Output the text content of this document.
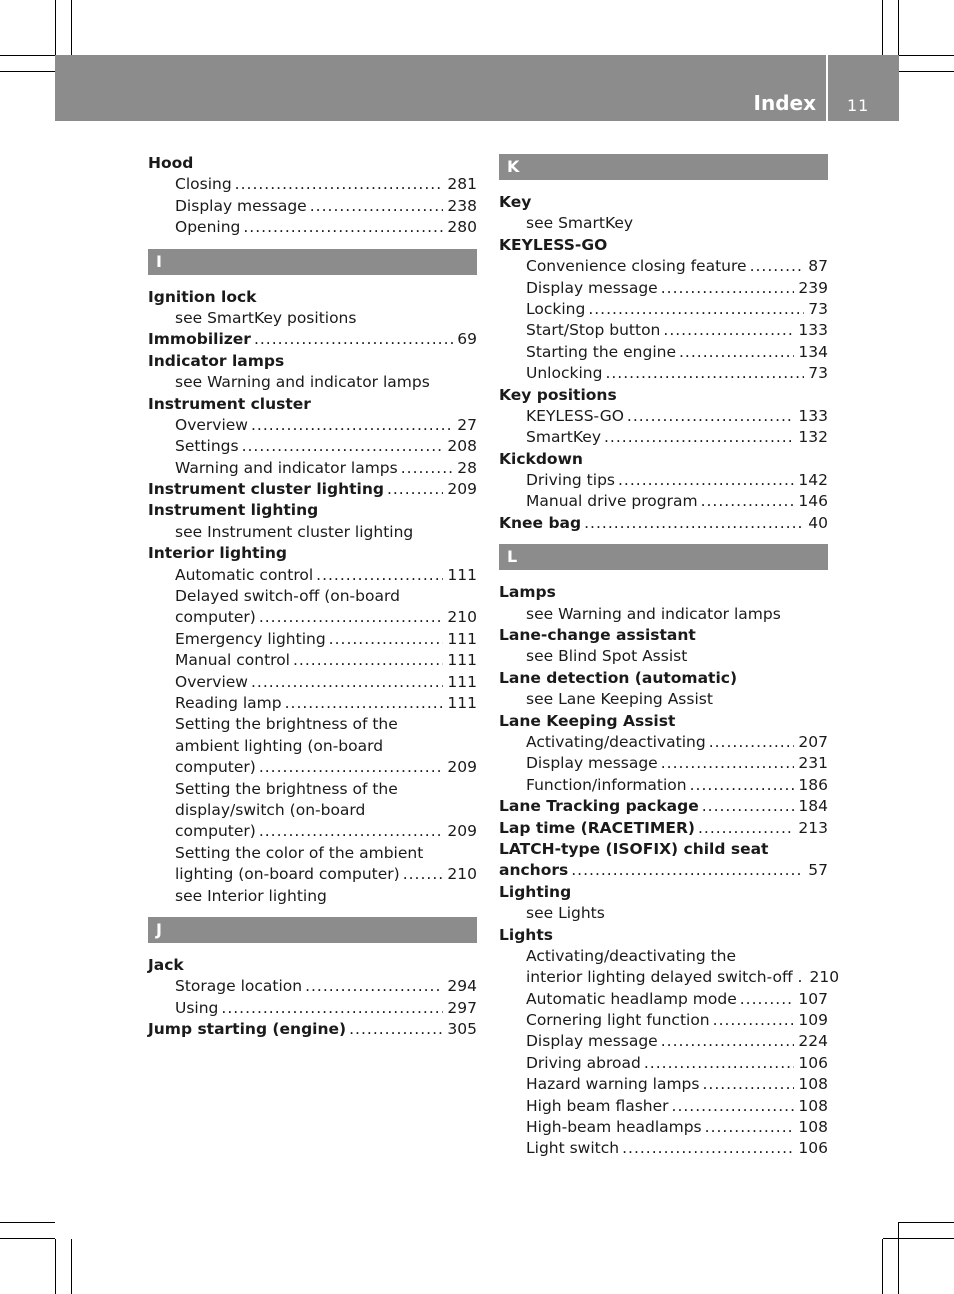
Index 11
Hood
Closing .....	281
Display message .....	238
Opening .....	280
I
Ignition lock
see SmartKey positions
Immobilizer .....	69
Indicator lamps
see Warning and indicator lamps
Instrument cluster
Overview .....	27
Settings .....	208
Warning and indicator lamps .....	28
Instrument cluster lighting .....	209
Instrument lighting
see Instrument cluster lighting
Interior lighting
Automatic control .....	111
Delayed switch-off (on-board
computer) .....	210
Emergency lighting .....	111
Manual control .....	111
Overview .....	111
Reading lamp .....	111
Setting the brightness of the
ambient lighting (on-board
computer) .....	209
Setting the brightness of the
display/switch (on-board
computer) .....	209
Setting the color of the ambient
lighting (on-board computer) .....	210
see Interior lighting
J
Jack
Storage location .....	294
Using .....	297
Jump starting (engine) .....	305
K
Key
see SmartKey
KEYLESS-GO
Convenience closing feature .....	87
Display message .....	239
Locking .....	73
Start/Stop button .....	133
Starting the engine .....	134
Unlocking .....	73
Key positions
KEYLESS-GO .....	133
SmartKey .....	132
Kickdown
Driving tips .....	142
Manual drive program .....	146
Knee bag .....	40
L
Lamps
see Warning and indicator lamps
Lane-change assistant
see Blind Spot Assist
Lane detection (automatic)
see Lane Keeping Assist
Lane Keeping Assist
Activating/deactivating .....	207
Display message .....	231
Function/information .....	186
Lane Tracking package .....	184
Lap time (RACETIMER) .....	213
LATCH-type (ISOFIX) child seat
anchors .....	57
Lighting
see Lights
Lights
Activating/deactivating the
interior lighting delayed switch-off . 210
Automatic headlamp mode .....	107
Cornering light function .....	109
Display message .....	224
Driving abroad .....	106
Hazard warning lamps .....	108
High beam flasher .....	108
High-beam headlamps .....	108
Light switch .....	106
